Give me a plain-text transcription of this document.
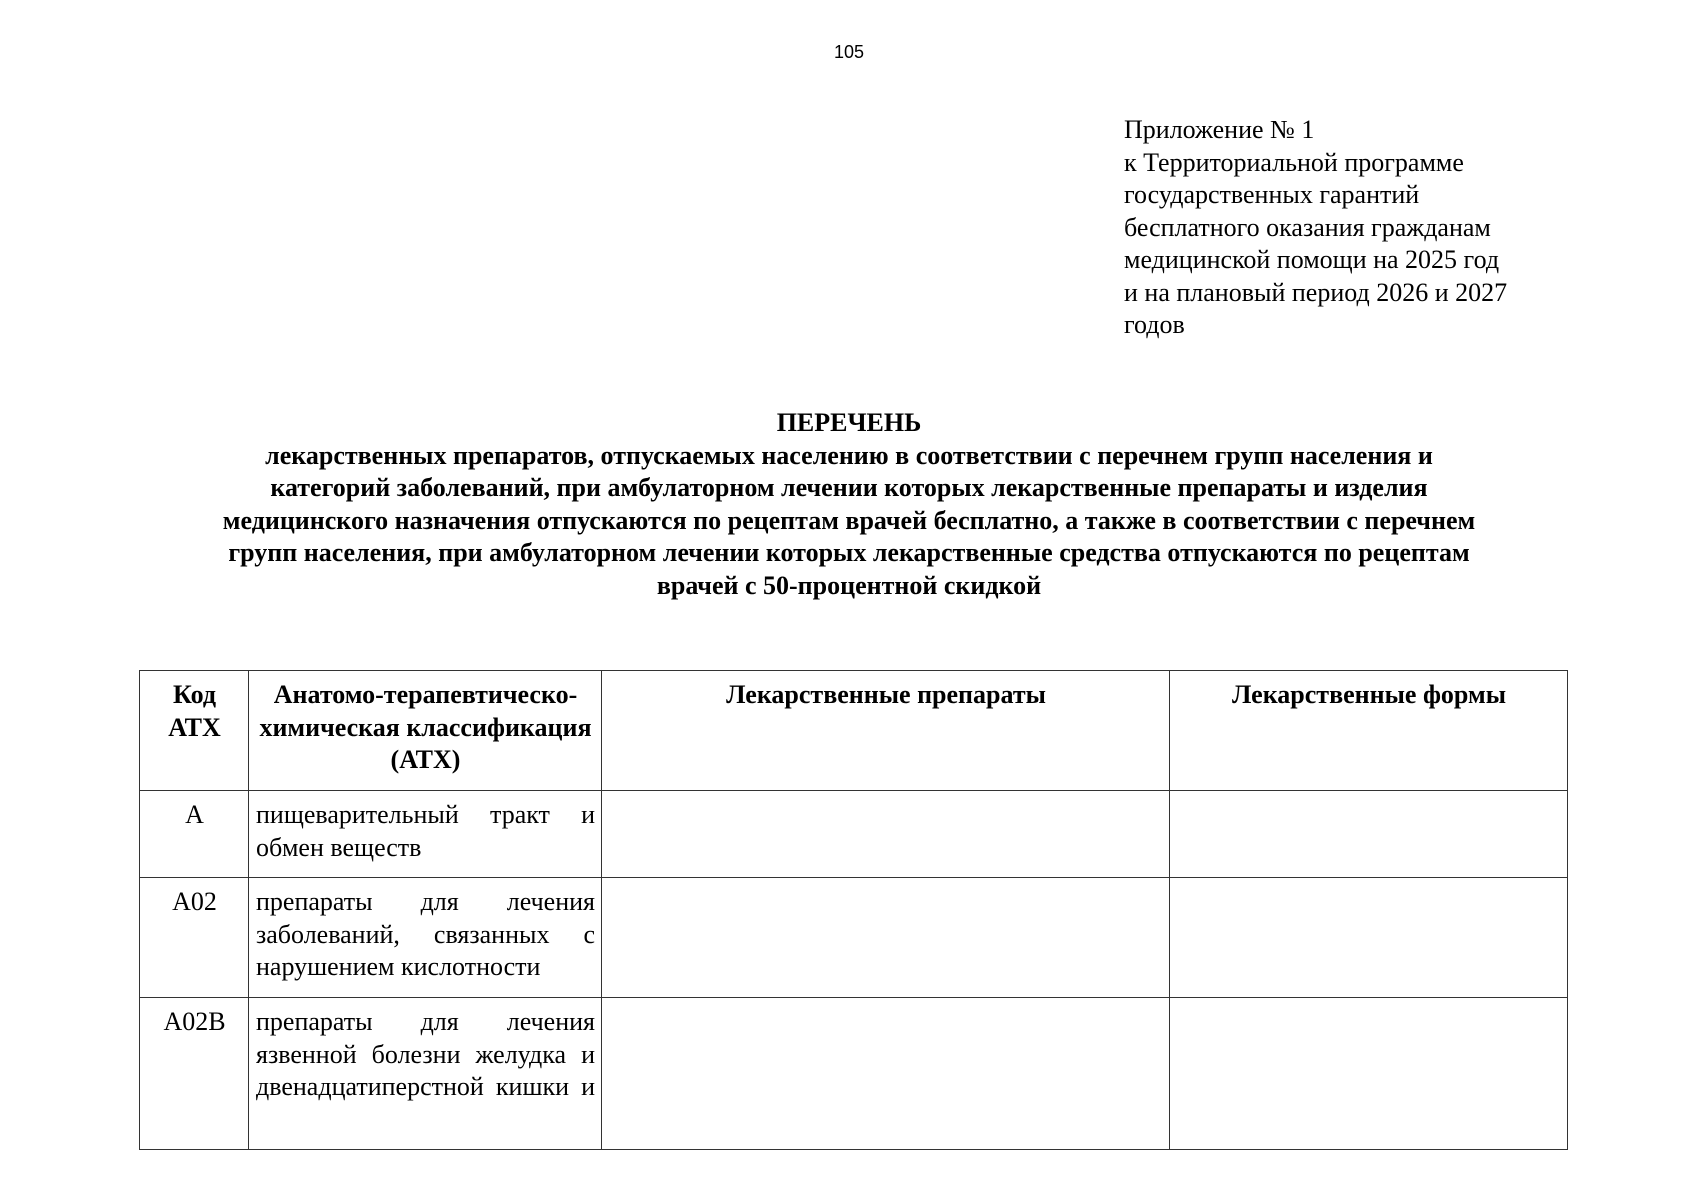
105
Приложение № 1
к Территориальной программе
государственных гарантий
бесплатного оказания гражданам
медицинской помощи на 2025 год
и на плановый период 2026 и 2027
годов
ПЕРЕЧЕНЬ
лекарственных препаратов, отпускаемых населению в соответствии с перечнем групп населения и
категорий заболеваний, при амбулаторном лечении которых лекарственные препараты и изделия
медицинского назначения отпускаются по рецептам врачей бесплатно, а также в соответствии с перечнем
групп населения, при амбулаторном лечении которых лекарственные средства отпускаются по рецептам
врачей с 50-процентной скидкой
Код АТХ	Анатомо-терапевтическо-химическая классификация (АТХ)	Лекарственные препараты	Лекарственные формы
A	пищеварительный тракт и обмен веществ		
A02	препараты для лечения заболеваний, связанных с нарушением кислотности		
A02B	препараты для лечения язвенной болезни желудка и двенадцатиперстной кишки и		
